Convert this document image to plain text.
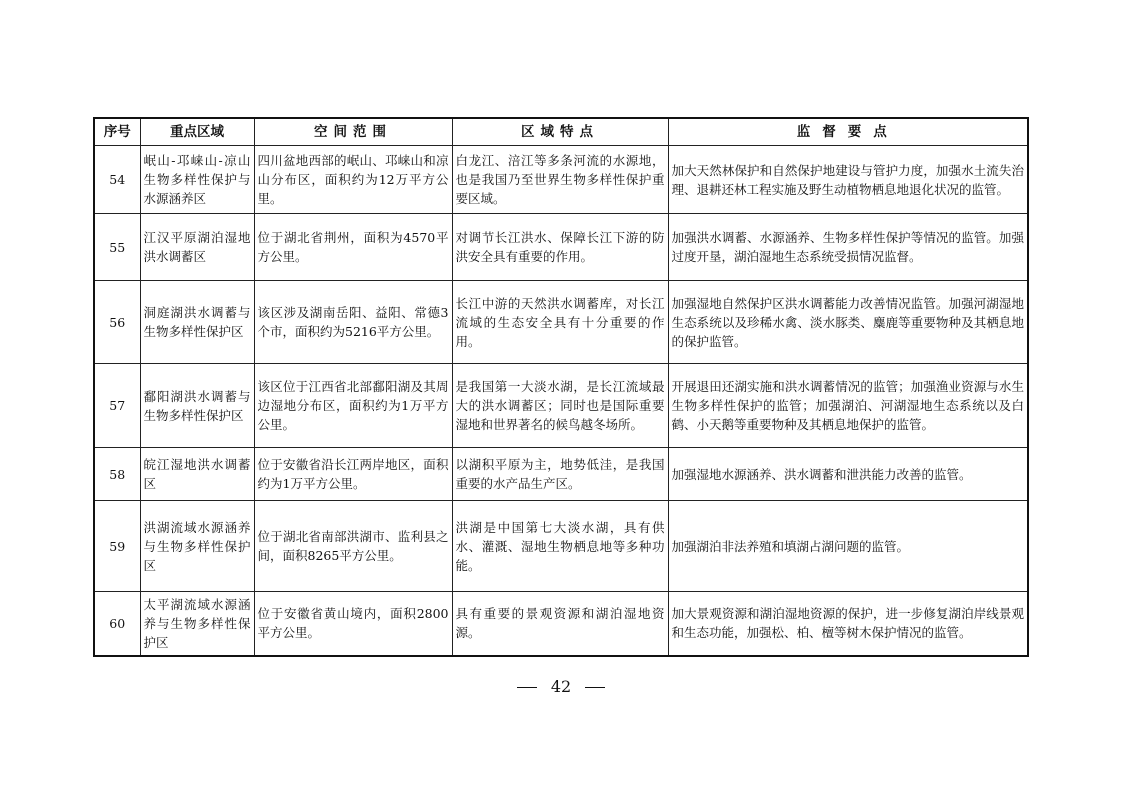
序号	重点区域	空间范围	区域特点	监督要点
54	岷山-邛崃山-凉山生物多样性保护与水源涵养区	四川盆地西部的岷山、邛崃山和凉山分布区，面积约为12万平方公里。	白龙江、涪江等多条河流的水源地，也是我国乃至世界生物多样性保护重要区域。	加大天然林保护和自然保护地建设与管护力度，加强水土流失治理、退耕还林工程实施及野生动植物栖息地退化状况的监管。
55	江汉平原湖泊湿地洪水调蓄区	位于湖北省荆州，面积为4570平方公里。	对调节长江洪水、保障长江下游的防洪安全具有重要的作用。	加强洪水调蓄、水源涵养、生物多样性保护等情况的监管。加强过度开垦，湖泊湿地生态系统受损情况监督。
56	洞庭湖洪水调蓄与生物多样性保护区	该区涉及湖南岳阳、益阳、常德3个市，面积约为5216平方公里。	长江中游的天然洪水调蓄库，对长江流域的生态安全具有十分重要的作用。	加强湿地自然保护区洪水调蓄能力改善情况监管。加强河湖湿地生态系统以及珍稀水禽、淡水豚类、麋鹿等重要物种及其栖息地的保护监管。
57	鄱阳湖洪水调蓄与生物多样性保护区	该区位于江西省北部鄱阳湖及其周边湿地分布区，面积约为1万平方公里。	是我国第一大淡水湖，是长江流域最大的洪水调蓄区；同时也是国际重要湿地和世界著名的候鸟越冬场所。	开展退田还湖实施和洪水调蓄情况的监管；加强渔业资源与水生生物多样性保护的监管；加强湖泊、河湖湿地生态系统以及白鹤、小天鹅等重要物种及其栖息地保护的监管。
58	皖江湿地洪水调蓄区	位于安徽省沿长江两岸地区，面积约为1万平方公里。	以湖积平原为主，地势低洼，是我国重要的水产品生产区。	加强湿地水源涵养、洪水调蓄和泄洪能力改善的监管。
59	洪湖流域水源涵养与生物多样性保护区	位于湖北省南部洪湖市、监利县之间，面积8265平方公里。	洪湖是中国第七大淡水湖，具有供水、灌溉、湿地生物栖息地等多种功能。	加强湖泊非法养殖和填湖占湖问题的监管。
60	太平湖流域水源涵养与生物多样性保护区	位于安徽省黄山境内，面积2800平方公里。	具有重要的景观资源和湖泊湿地资源。	加大景观资源和湖泊湿地资源的保护，进一步修复湖泊岸线景观和生态功能，加强松、柏、檀等树木保护情况的监管。
42
